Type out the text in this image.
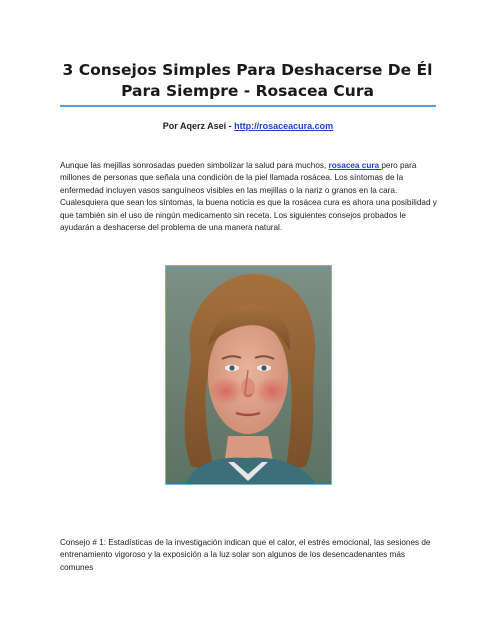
3 Consejos Simples Para Deshacerse De Él Para Siempre - Rosacea Cura
Por Aqerz Asei - http://rosaceacura.com
Aunque las mejillas sonrosadas pueden simbolizar la salud para muchos, rosacea cura pero para millones de personas que señala una condición de la piel llamada rosácea. Los síntomas de la enfermedad incluyen vasos sanguíneos visibles en las mejillas o la nariz o granos en la cara. Cualesquiera que sean los síntomas, la buena noticia es que la rosácea cura es ahora una posibilidad y que también sin el uso de ningún medicamento sin receta. Los siguientes consejos probados le ayudarán a deshacerse del problema de una manera natural.
Consejo # 1: Estadísticas de la investigación indican que el calor, el estrés emocional, las sesiones de entrenamiento vigoroso y la exposición a la luz solar son algunos de los desencadenantes más comunes
